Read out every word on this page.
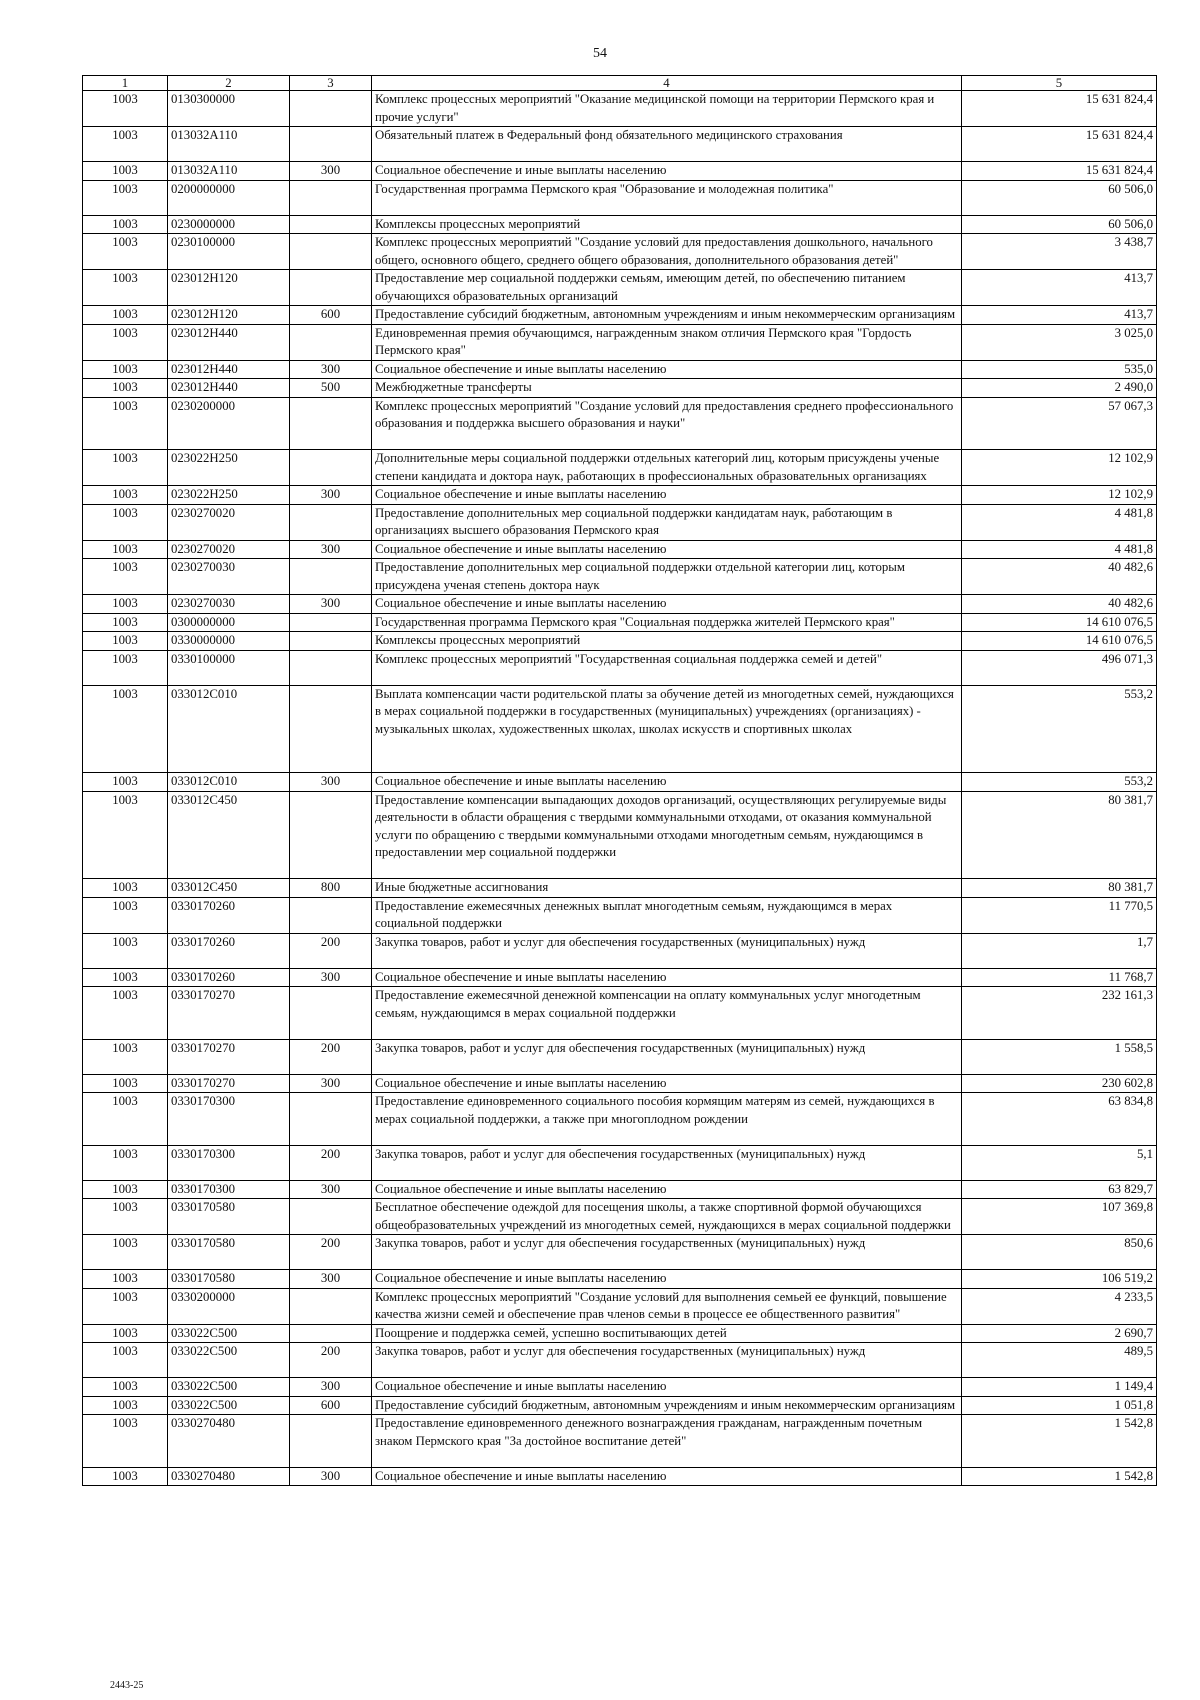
54
1	2	3	4	5
1003	0130300000		Комплекс процессных мероприятий "Оказание медицинской помощи на территории Пермского края и прочие услуги"	15 631 824,4
1003	013032А110		Обязательный платеж в Федеральный фонд обязательного медицинского страхования	15 631 824,4
1003	013032А110	300	Социальное обеспечение и иные выплаты населению	15 631 824,4
1003	0200000000		Государственная программа Пермского края "Образование и молодежная политика"	60 506,0
1003	0230000000		Комплексы процессных мероприятий	60 506,0
1003	0230100000		Комплекс процессных мероприятий "Создание условий для предоставления дошкольного, начального общего, основного общего, среднего общего образования, дополнительного образования детей"	3 438,7
1003	023012Н120		Предоставление мер социальной поддержки семьям, имеющим детей, по обеспечению питанием обучающихся образовательных организаций	413,7
1003	023012Н120	600	Предоставление субсидий бюджетным, автономным учреждениям и иным некоммерческим организациям	413,7
1003	023012Н440		Единовременная премия обучающимся, награжденным знаком отличия Пермского края "Гордость Пермского края"	3 025,0
1003	023012Н440	300	Социальное обеспечение и иные выплаты населению	535,0
1003	023012Н440	500	Межбюджетные трансферты	2 490,0
1003	0230200000		Комплекс процессных мероприятий "Создание условий для предоставления среднего профессионального образования и поддержка высшего образования и науки"	57 067,3
1003	023022Н250		Дополнительные меры социальной поддержки отдельных категорий лиц, которым присуждены ученые степени кандидата и доктора наук, работающих в профессиональных образовательных организациях	12 102,9
1003	023022Н250	300	Социальное обеспечение и иные выплаты населению	12 102,9
1003	0230270020		Предоставление дополнительных мер социальной поддержки кандидатам наук, работающим в организациях высшего образования Пермского края	4 481,8
1003	0230270020	300	Социальное обеспечение и иные выплаты населению	4 481,8
1003	0230270030		Предоставление дополнительных мер социальной поддержки отдельной категории лиц, которым присуждена ученая степень доктора наук	40 482,6
1003	0230270030	300	Социальное обеспечение и иные выплаты населению	40 482,6
1003	0300000000		Государственная программа Пермского края "Социальная поддержка жителей Пермского края"	14 610 076,5
1003	0330000000		Комплексы процессных мероприятий	14 610 076,5
1003	0330100000		Комплекс процессных мероприятий "Государственная социальная поддержка семей и детей"	496 071,3
1003	033012С010		Выплата компенсации части родительской платы за обучение детей из многодетных семей, нуждающихся в мерах социальной поддержки в государственных (муниципальных) учреждениях (организациях) - музыкальных школах, художественных школах, школах искусств и спортивных школах	553,2
1003	033012С010	300	Социальное обеспечение и иные выплаты населению	553,2
1003	033012С450		Предоставление компенсации выпадающих доходов организаций, осуществляющих регулируемые виды деятельности в области обращения с твердыми коммунальными отходами, от оказания коммунальной услуги по обращению с твердыми коммунальными отходами многодетным семьям, нуждающимся в предоставлении мер социальной поддержки	80 381,7
1003	033012С450	800	Иные бюджетные ассигнования	80 381,7
1003	0330170260		Предоставление ежемесячных денежных выплат многодетным семьям, нуждающимся в мерах социальной поддержки	11 770,5
1003	0330170260	200	Закупка товаров, работ и услуг для обеспечения государственных (муниципальных) нужд	1,7
1003	0330170260	300	Социальное обеспечение и иные выплаты населению	11 768,7
1003	0330170270		Предоставление ежемесячной денежной компенсации на оплату коммунальных услуг многодетным семьям, нуждающимся в мерах социальной поддержки	232 161,3
1003	0330170270	200	Закупка товаров, работ и услуг для обеспечения государственных (муниципальных) нужд	1 558,5
1003	0330170270	300	Социальное обеспечение и иные выплаты населению	230 602,8
1003	0330170300		Предоставление единовременного социального пособия кормящим матерям из семей, нуждающихся в мерах социальной поддержки, а также при многоплодном рождении	63 834,8
1003	0330170300	200	Закупка товаров, работ и услуг для обеспечения государственных (муниципальных) нужд	5,1
1003	0330170300	300	Социальное обеспечение и иные выплаты населению	63 829,7
1003	0330170580		Бесплатное обеспечение одеждой для посещения школы, а также спортивной формой обучающихся общеобразовательных учреждений из многодетных семей, нуждающихся в мерах социальной поддержки	107 369,8
1003	0330170580	200	Закупка товаров, работ и услуг для обеспечения государственных (муниципальных) нужд	850,6
1003	0330170580	300	Социальное обеспечение и иные выплаты населению	106 519,2
1003	0330200000		Комплекс процессных мероприятий "Создание условий для выполнения семьей ее функций, повышение качества жизни семей и обеспечение прав членов семьи в процессе ее общественного развития"	4 233,5
1003	033022С500		Поощрение и поддержка семей, успешно воспитывающих детей	2 690,7
1003	033022С500	200	Закупка товаров, работ и услуг для обеспечения государственных (муниципальных) нужд	489,5
1003	033022С500	300	Социальное обеспечение и иные выплаты населению	1 149,4
1003	033022С500	600	Предоставление субсидий бюджетным, автономным учреждениям и иным некоммерческим организациям	1 051,8
1003	0330270480		Предоставление единовременного денежного вознаграждения гражданам, награжденным почетным знаком Пермского края "За достойное воспитание детей"	1 542,8
1003	0330270480	300	Социальное обеспечение и иные выплаты населению	1 542,8
2443-25
